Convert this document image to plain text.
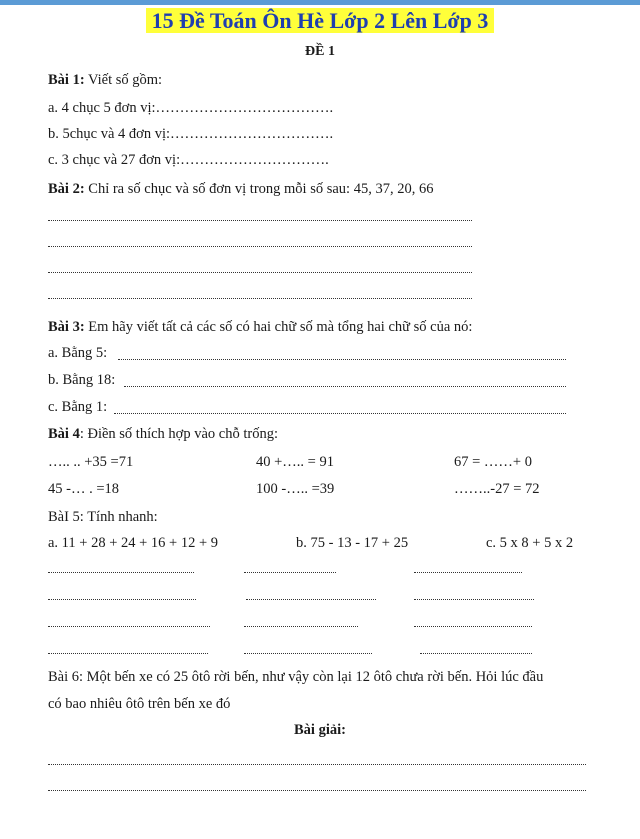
15 Đề Toán Ôn Hè Lớp 2 Lên Lớp 3
ĐỀ 1
Bài 1: Viết số gồm:
a. 4 chục 5 đơn vị:……………………………….
b. 5chục và 4 đơn vị:…………………………….
c. 3 chục và 27 đơn vị:………………………….
Bài 2: Chỉ ra số chục và số đơn vị trong mỗi số sau: 45, 37, 20, 66
Bài 3: Em hãy viết tất cả các số có hai chữ số mà tổng hai chữ số của nó:
a. Bằng 5:
b. Bằng 18:
c. Bằng 1:
Bài 4: Điền số thích hợp vào chỗ trống:
….. .. +35 =71	40 +….. = 91	67 = ……+ 0
45 -… . =18	100 -….. =39	……..-27 = 72
BàI 5: Tính nhanh:
a. 11 + 28 + 24 + 16 + 12 + 9	b. 75 - 13 - 17 + 25	c. 5 x 8 + 5 x 2
Bài 6: Một bến xe có 25 ôtô rời bến, như vậy còn lại 12 ôtô chưa rời bến. Hỏi lúc đầu
có bao nhiêu ôtô trên bến xe đó
Bài giải:
